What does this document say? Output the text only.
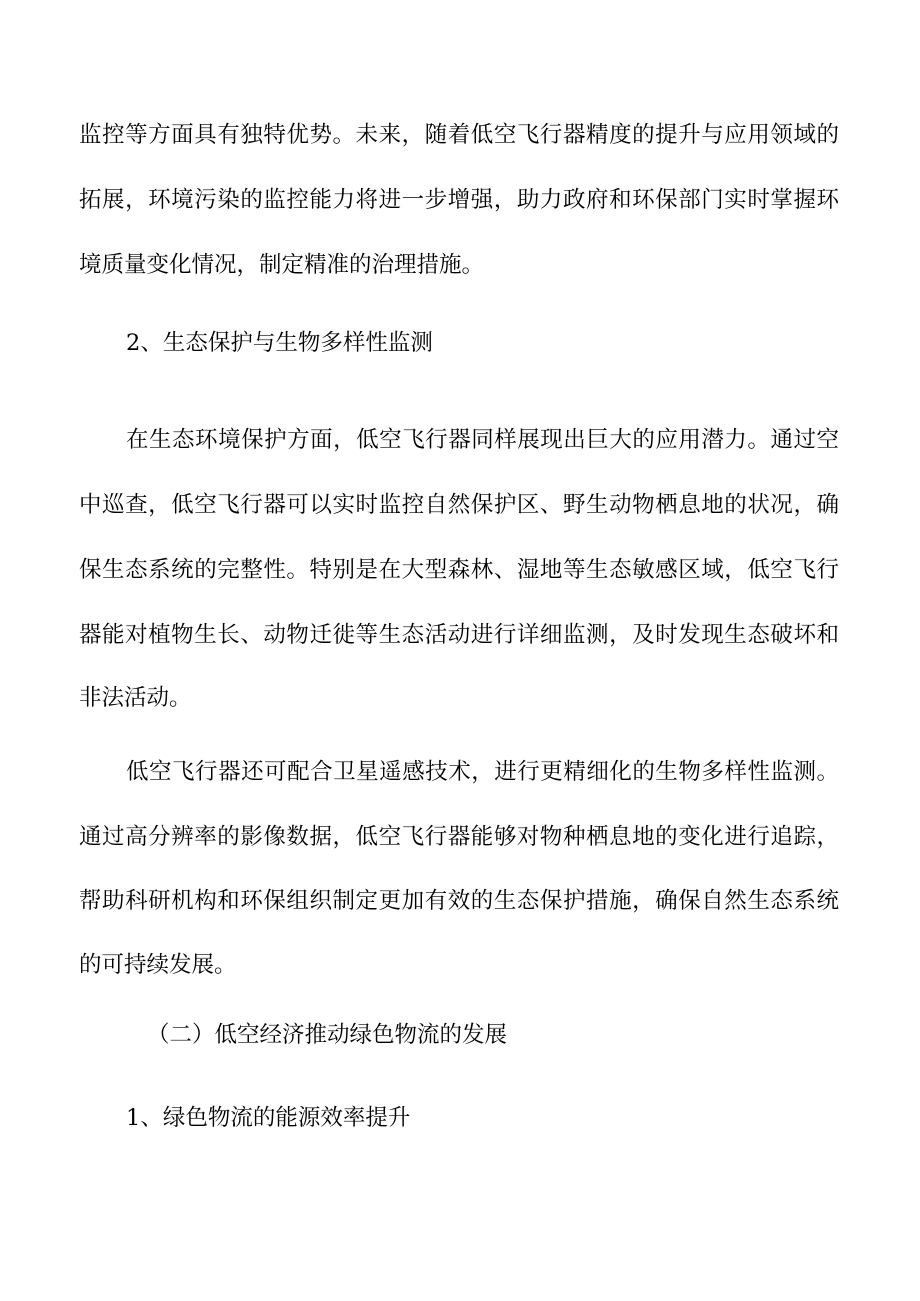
监控等方面具有独特优势。未来，随着低空飞行器精度的提升与应用领域的
拓展，环境污染的监控能力将进一步增强，助力政府和环保部门实时掌握环
境质量变化情况，制定精准的治理措施。
2、生态保护与生物多样性监测
在生态环境保护方面，低空飞行器同样展现出巨大的应用潜力。通过空
中巡查，低空飞行器可以实时监控自然保护区、野生动物栖息地的状况，确
保生态系统的完整性。特别是在大型森林、湿地等生态敏感区域，低空飞行
器能对植物生长、动物迁徙等生态活动进行详细监测，及时发现生态破坏和
非法活动。
低空飞行器还可配合卫星遥感技术，进行更精细化的生物多样性监测。
通过高分辨率的影像数据，低空飞行器能够对物种栖息地的变化进行追踪，
帮助科研机构和环保组织制定更加有效的生态保护措施，确保自然生态系统
的可持续发展。
（二）低空经济推动绿色物流的发展
1、绿色物流的能源效率提升
